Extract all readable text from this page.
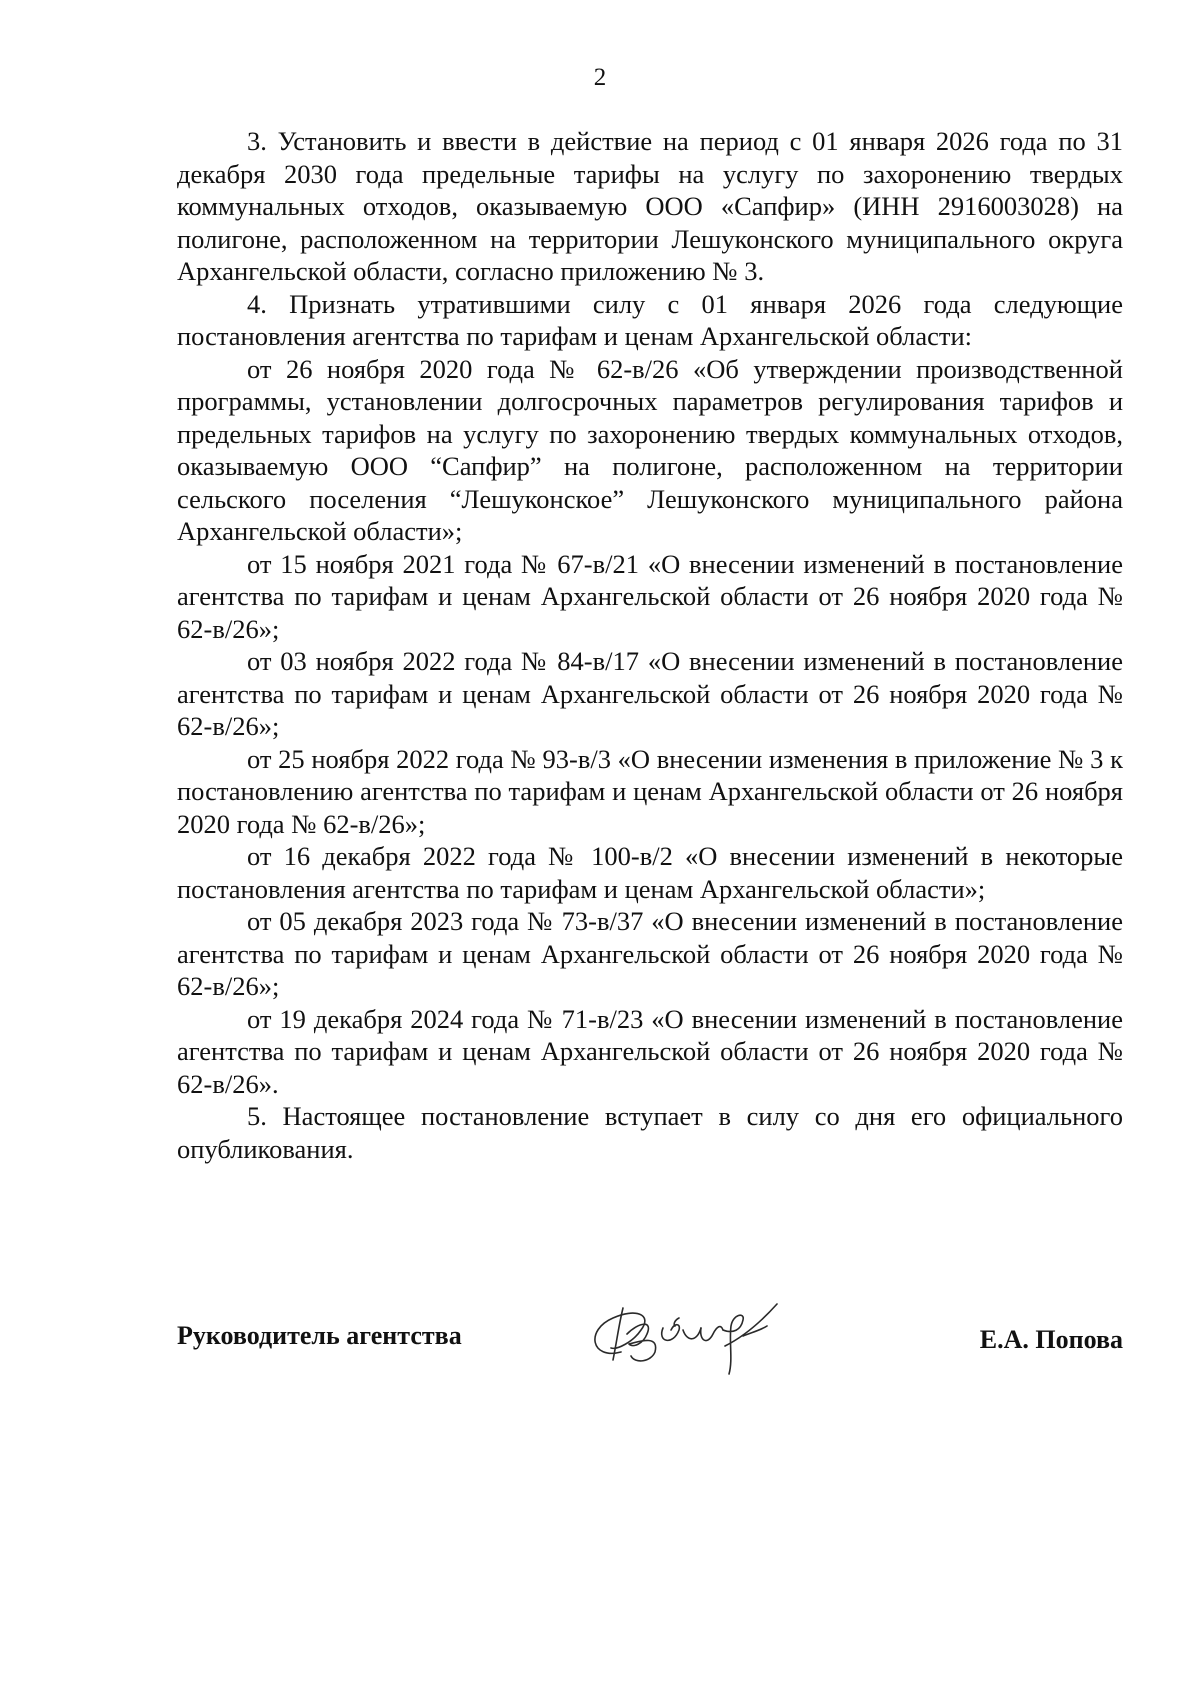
2

3. Установить и ввести в действие на период с 01 января 2026 года по 31 декабря 2030 года предельные тарифы на услугу по захоронению твердых коммунальных отходов, оказываемую ООО «Сапфир» (ИНН 2916003028) на полигоне, расположенном на территории Лешуконского муниципального округа Архангельской области, согласно приложению № 3.

4. Признать утратившими силу с 01 января 2026 года следующие постановления агентства по тарифам и ценам Архангельской области:

от 26 ноября 2020 года № 62-в/26 «Об утверждении производственной программы, установлении долгосрочных параметров регулирования тарифов и предельных тарифов на услугу по захоронению твердых коммунальных отходов, оказываемую ООО “Сапфир” на полигоне, расположенном на территории сельского поселения “Лешуконское” Лешуконского муниципального района Архангельской области»;

от 15 ноября 2021 года № 67-в/21 «О внесении изменений в постановление агентства по тарифам и ценам Архангельской области от 26 ноября 2020 года № 62-в/26»;

от 03 ноября 2022 года № 84-в/17 «О внесении изменений в постановление агентства по тарифам и ценам Архангельской области от 26 ноября 2020 года № 62-в/26»;

от 25 ноября 2022 года № 93-в/3 «О внесении изменения в приложение № 3 к постановлению агентства по тарифам и ценам Архангельской области от 26 ноября 2020 года № 62-в/26»;

от 16 декабря 2022 года № 100-в/2 «О внесении изменений в некоторые постановления агентства по тарифам и ценам Архангельской области»;

от 05 декабря 2023 года № 73-в/37 «О внесении изменений в постановление агентства по тарифам и ценам Архангельской области от 26 ноября 2020 года № 62-в/26»;

от 19 декабря 2024 года № 71-в/23 «О внесении изменений в постановление агентства по тарифам и ценам Архангельской области от 26 ноября 2020 года № 62-в/26».

5. Настоящее постановление вступает в силу со дня его официального опубликования.

Руководитель агентства	Е.А. Попова
